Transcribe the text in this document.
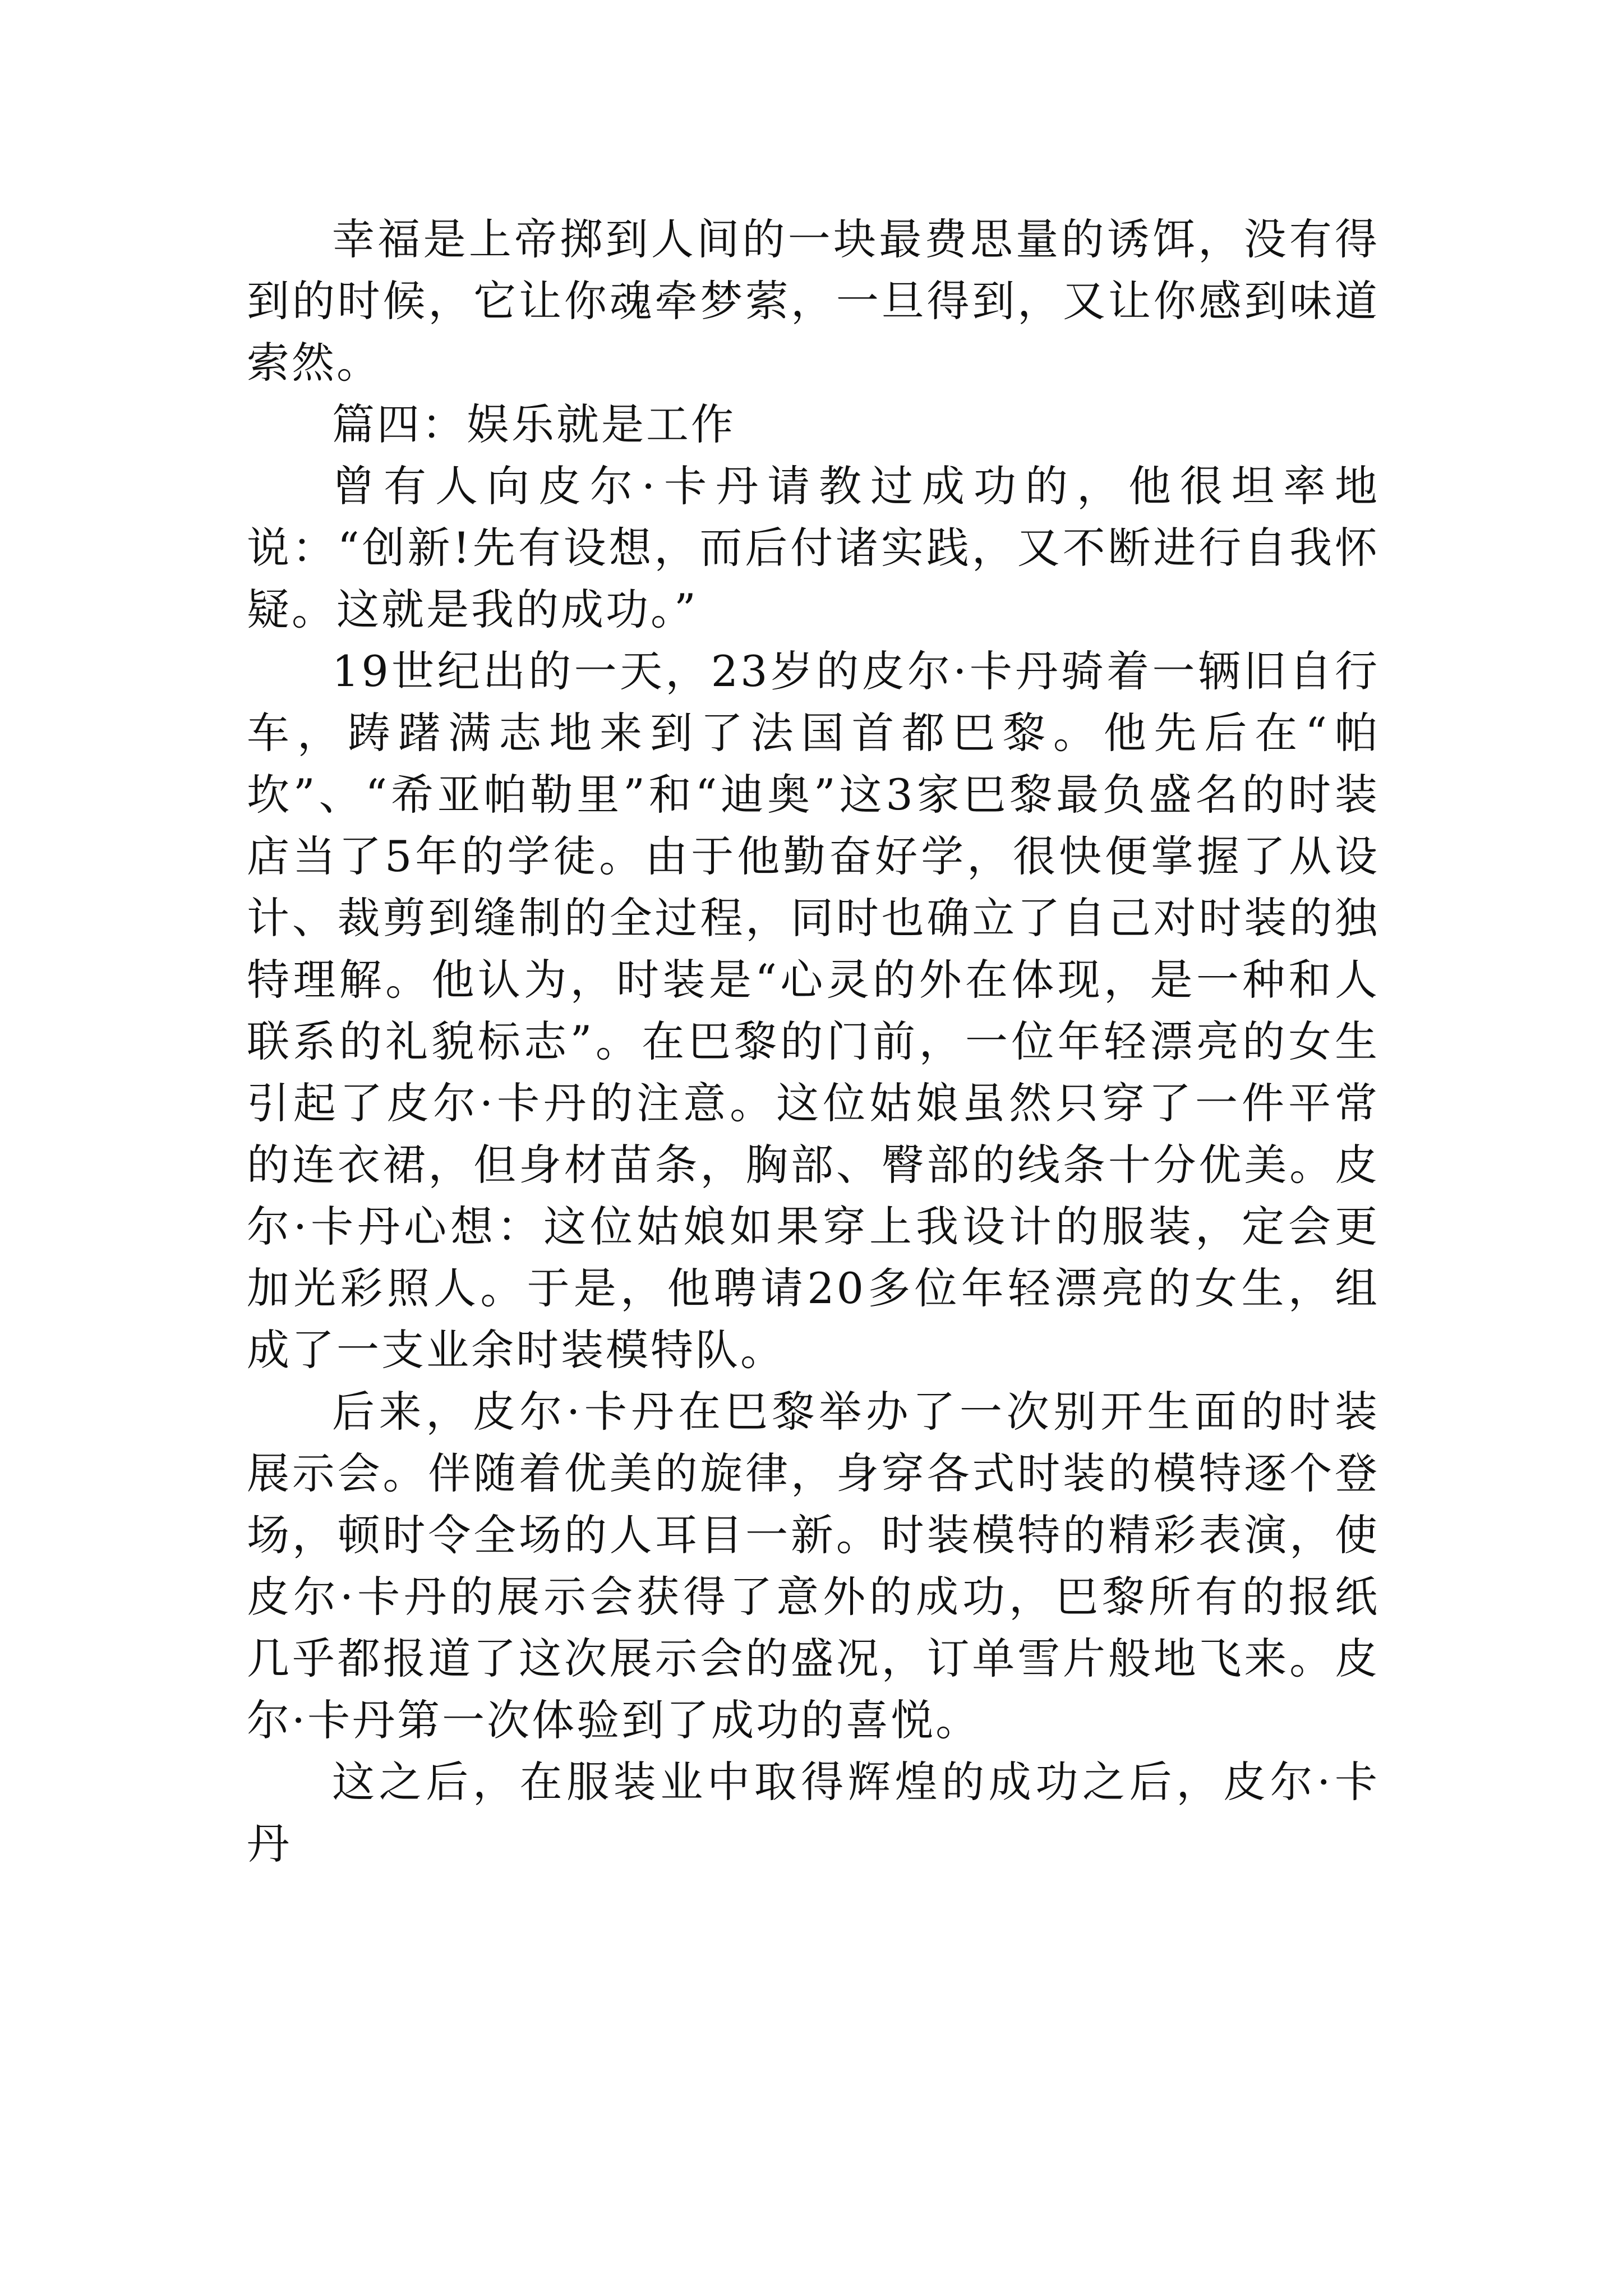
幸福是上帝掷到人间的一块最费思量的诱饵，没有得到的时候，它让你魂牵梦萦，一旦得到，又让你感到味道索然。

篇四：娱乐就是工作

曾有人向皮尔·卡丹请教过成功的，他很坦率地说：“创新!先有设想，而后付诸实践，又不断进行自我怀疑。这就是我的成功。”

19世纪出的一天，23岁的皮尔·卡丹骑着一辆旧自行车，踌躇满志地来到了法国首都巴黎。他先后在“帕坎”、“希亚帕勒里”和“迪奥”这3家巴黎最负盛名的时装店当了5年的学徒。由于他勤奋好学，很快便掌握了从设计、裁剪到缝制的全过程，同时也确立了自己对时装的独特理解。他认为，时装是“心灵的外在体现，是一种和人联系的礼貌标志”。在巴黎的门前，一位年轻漂亮的女生引起了皮尔·卡丹的注意。这位姑娘虽然只穿了一件平常的连衣裙，但身材苗条，胸部、臀部的线条十分优美。皮尔·卡丹心想：这位姑娘如果穿上我设计的服装，定会更加光彩照人。于是，他聘请20多位年轻漂亮的女生，组成了一支业余时装模特队。

后来，皮尔·卡丹在巴黎举办了一次别开生面的时装展示会。伴随着优美的旋律，身穿各式时装的模特逐个登场，顿时令全场的人耳目一新。时装模特的精彩表演，使皮尔·卡丹的展示会获得了意外的成功，巴黎所有的报纸几乎都报道了这次展示会的盛况，订单雪片般地飞来。皮尔·卡丹第一次体验到了成功的喜悦。

这之后，在服装业中取得辉煌的成功之后，皮尔·卡丹
